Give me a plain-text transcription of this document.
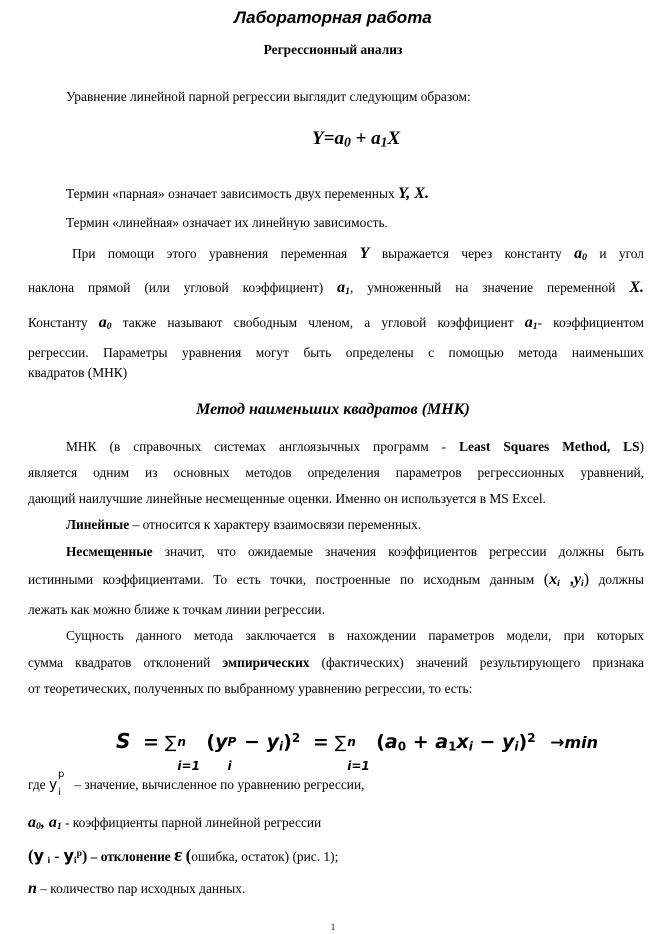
Лабораторная работа
Регрессионный анализ
Уравнение линейной парной регрессии выглядит следующим образом:
$Y=a_0 + a_1X$
Термин «парная» означает зависимость двух переменных Y, X.
Термин «линейная» означает их линейную зависимость.
При помощи этого уравнения переменная Y выражается через константу $a_0$ и угол
наклона прямой (или угловой коэффициент) $a_1$, умноженный на значение переменной X.
Константу $a_0$ также называют свободным членом, а угловой коэффициент $a_1-$ коэффициентом
регрессии. Параметры уравнения могут быть определены с помощью метода наименьших
квадратов (МНК)
Метод наименьших квадратов (МНК)
МНК (в справочных системах англоязычных программ - Least Squares Method, LS)
является одним из основных методов определения параметров регрессионных уравнений,
дающий наилучшие линейные несмещенные оценки. Именно он используется в MS Excel.
Линейные – относится к характеру взаимосвязи переменных.
Несмещенные значит, что ожидаемые значения коэффициентов регрессии должны быть
истинными коэффициентами. То есть точки, построенные по исходным данным ($x_i$ $,y_i$) должны
лежать как можно ближе к точкам линии регрессии.
Сущность данного метода заключается в нахождении параметров модели, при которых
сумма квадратов отклонений эмпирических (фактических) значений результирующего признака
от теоретических, полученных по выбранному уравнению регрессии, то есть:
S = ∑ n
i=1
(y P
i
− $y_i)^2$ = ∑ n
i=1
$(a_0 + a_1x_i - y_i)^2 \to\min$
где y
p
i
– значение, вычисленное по уравнению регрессии,
$a_0$, $a_1$ - коэффициенты парной линейной регрессии
(y $_i - y_i^p$) – отклонение ε (ошибка, остаток) (рис. 1);
n – количество пар исходных данных.
1
